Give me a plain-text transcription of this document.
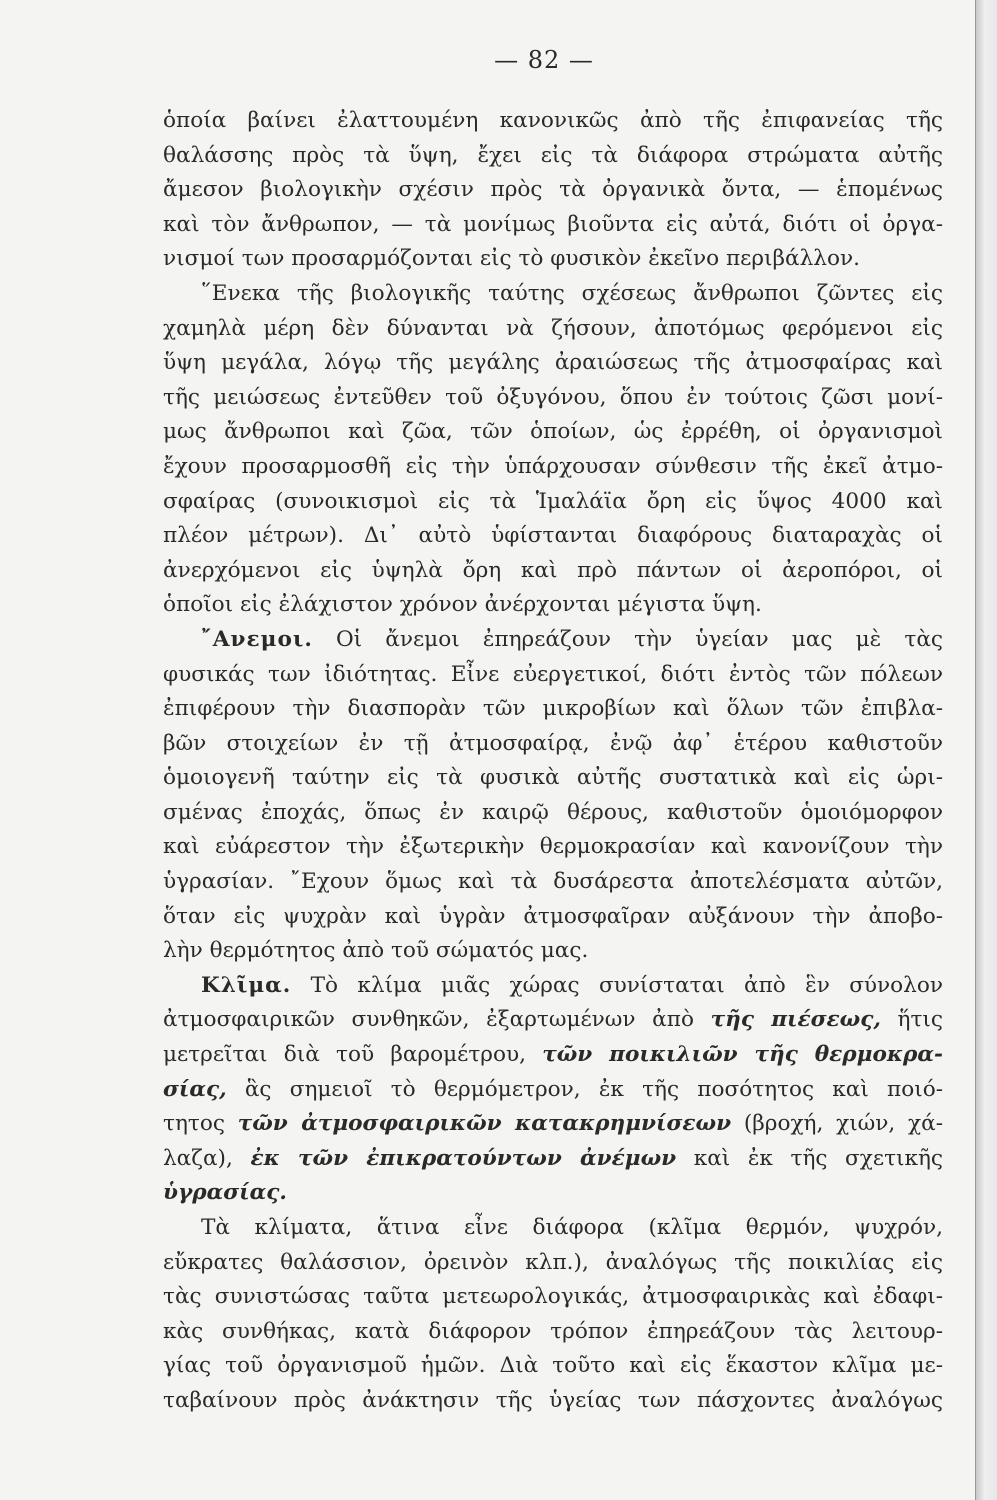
— 82 —
ὁποία βαίνει ἐλαττουμένη κανονικῶς ἀπὸ τῆς ἐπιφανείας τῆς
θαλάσσης πρὸς τὰ ὕψη, ἔχει εἰς τὰ διάφορα στρώματα αὐτῆς
ἄμεσον βιολογικὴν σχέσιν πρὸς τὰ ὀργανικὰ ὄντα, — ἑπομένως
καὶ τὸν ἄνθρωπον, — τὰ μονίμως βιοῦντα εἰς αὐτά, διότι οἱ ὀργα-
νισμοί των προσαρμόζονται εἰς τὸ φυσικὸν ἐκεῖνο περιβάλλον.
῞Ενεκα τῆς βιολογικῆς ταύτης σχέσεως ἄνθρωποι ζῶντες εἰς
χαμηλὰ μέρη δὲν δύνανται νὰ ζήσουν, ἀποτόμως φερόμενοι εἰς
ὕψη μεγάλα, λόγῳ τῆς μεγάλης ἀραιώσεως τῆς ἀτμοσφαίρας καὶ
τῆς μειώσεως ἐντεῦθεν τοῦ ὀξυγόνου, ὅπου ἐν τούτοις ζῶσι μονί-
μως ἄνθρωποι καὶ ζῶα, τῶν ὁποίων, ὡς ἐρρέθη, οἱ ὀργανισμοὶ
ἔχουν προσαρμοσθῆ εἰς τὴν ὑπάρχουσαν σύνθεσιν τῆς ἐκεῖ ἀτμο-
σφαίρας (συνοικισμοὶ εἰς τὰ Ἱμαλάϊα ὄρη εἰς ὕψος 4000 καὶ
πλέον μέτρων). Δι᾿ αὐτὸ ὑφίστανται διαφόρους διαταραχὰς οἱ
ἀνερχόμενοι εἰς ὑψηλὰ ὄρη καὶ πρὸ πάντων οἱ ἀεροπόροι, οἱ
ὁποῖοι εἰς ἐλάχιστον χρόνον ἀνέρχονται μέγιστα ὕψη.
῎Ανεμοι. Οἱ ἄνεμοι ἐπηρεάζουν τὴν ὑγείαν μας μὲ τὰς
φυσικάς των ἰδιότητας. Εἶνε εὐεργετικοί, διότι ἐντὸς τῶν πόλεων
ἐπιφέρουν τὴν διασπορὰν τῶν μικροβίων καὶ ὅλων τῶν ἐπιβλα-
βῶν στοιχείων ἐν τῇ ἀτμοσφαίρᾳ, ἐνῷ ἀφ᾿ ἑτέρου καθιστοῦν
ὁμοιογενῆ ταύτην εἰς τὰ φυσικὰ αὐτῆς συστατικὰ καὶ εἰς ὡρι-
σμένας ἐποχάς, ὅπως ἐν καιρῷ θέρους, καθιστοῦν ὁμοιόμορφον
καὶ εὐάρεστον τὴν ἐξωτερικὴν θερμοκρασίαν καὶ κανονίζουν τὴν
ὑγρασίαν. ῎Εχουν ὅμως καὶ τὰ δυσάρεστα ἀποτελέσματα αὐτῶν,
ὅταν εἰς ψυχρὰν καὶ ὑγρὰν ἀτμοσφαῖραν αὐξάνουν τὴν ἀποβο-
λὴν θερμότητος ἀπὸ τοῦ σώματός μας.
Κλῖμα. Τὸ κλίμα μιᾶς χώρας συνίσταται ἀπὸ ἓν σύνολον
ἀτμοσφαιρικῶν συνθηκῶν, ἐξαρτωμένων ἀπὸ τῆς πιέσεως, ἥτις
μετρεῖται διὰ τοῦ βαρομέτρου, τῶν ποικιλιῶν τῆς θερμοκρα-
σίας, ἃς σημειοῖ τὸ θερμόμετρον, ἐκ τῆς ποσότητος καὶ ποιό-
τητος τῶν ἀτμοσφαιρικῶν κατακρημνίσεων (βροχή, χιών, χά-
λαζα), ἐκ τῶν ἐπικρατούντων ἀνέμων καὶ ἐκ τῆς σχετικῆς
ὑγρασίας.
Τὰ κλίματα, ἅτινα εἶνε διάφορα (κλῖμα θερμόν, ψυχρόν,
εὔκρατες θαλάσσιον, ὀρεινὸν κλπ.), ἀναλόγως τῆς ποικιλίας εἰς
τὰς συνιστώσας ταῦτα μετεωρολογικάς, ἀτμοσφαιρικὰς καὶ ἐδαφι-
κὰς συνθήκας, κατὰ διάφορον τρόπον ἐπηρεάζουν τὰς λειτουρ-
γίας τοῦ ὀργανισμοῦ ἡμῶν. Διὰ τοῦτο καὶ εἰς ἕκαστον κλῖμα με-
ταβαίνουν πρὸς ἀνάκτησιν τῆς ὑγείας των πάσχοντες ἀναλόγως
